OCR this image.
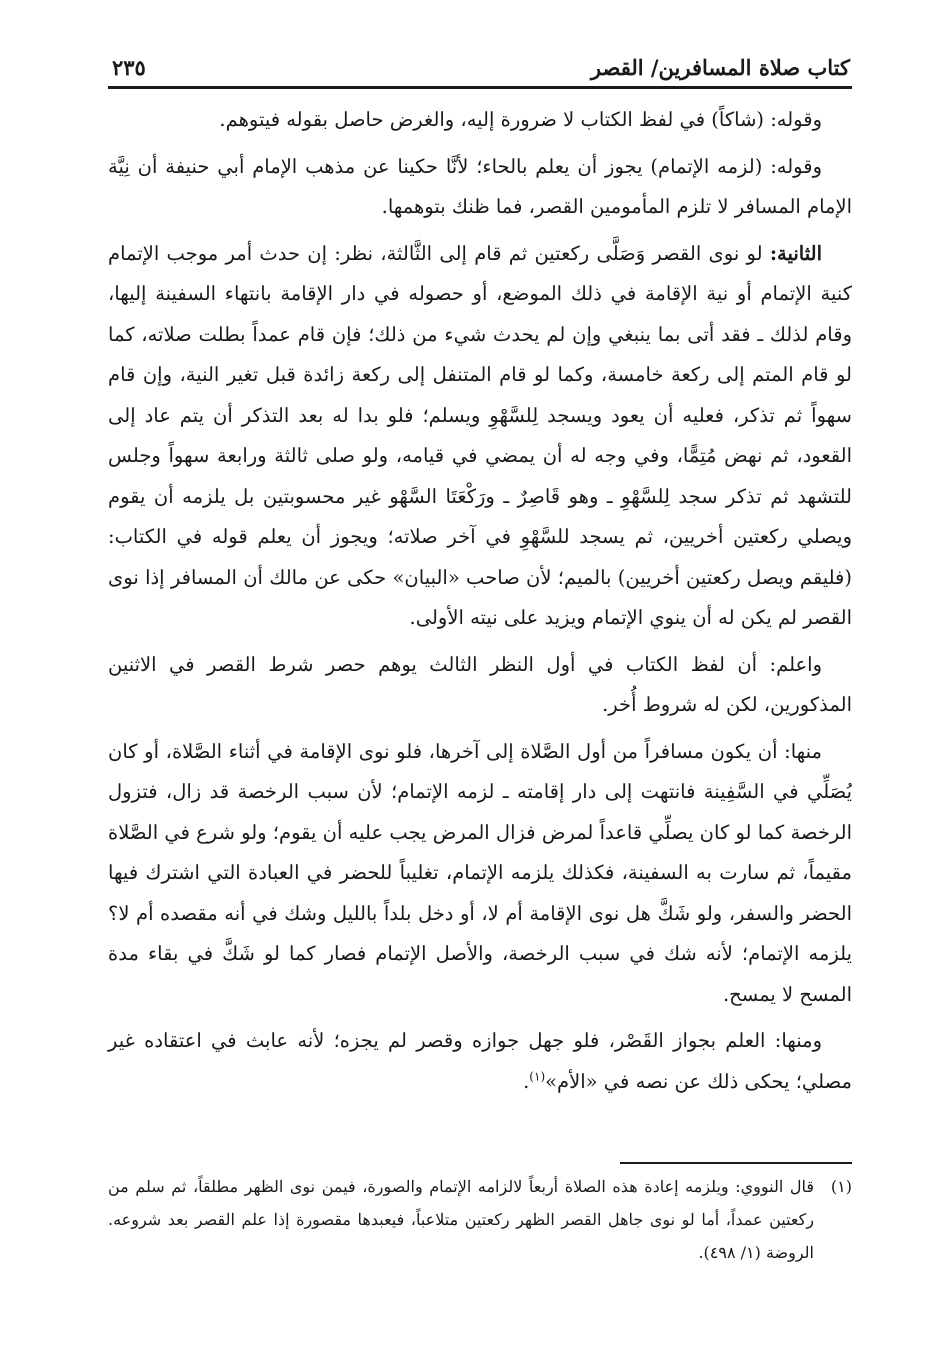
كتاب صلاة المسافرين/ القصر
٢٣٥

وقوله: (شاكاً) في لفظ الكتاب لا ضرورة إليه، والغرض حاصل بقوله فيتوهم.

وقوله: (لزمه الإتمام) يجوز أن يعلم بالحاء؛ لأنَّا حكينا عن مذهب الإمام أبي حنيفة أن نِيَّة الإمام المسافر لا تلزم المأمومين القصر، فما ظنك بتوهمها.

الثانية: لو نوى القصر وَصَلَّى ركعتين ثم قام إلى الثَّالثة، نظر: إن حدث أمر موجب الإتمام كنية الإتمام أو نية الإقامة في ذلك الموضع، أو حصوله في دار الإقامة بانتهاء السفينة إليها، وقام لذلك ـ فقد أتى بما ينبغي وإن لم يحدث شيء من ذلك؛ فإن قام عمداً بطلت صلاته، كما لو قام المتم إلى ركعة خامسة، وكما لو قام المتنفل إلى ركعة زائدة قبل تغير النية، وإن قام سهواً ثم تذكر، فعليه أن يعود ويسجد لِلسَّهْوِ ويسلم؛ فلو بدا له بعد التذكر أن يتم عاد إلى القعود، ثم نهض مُتِمًّا، وفي وجه له أن يمضي في قيامه، ولو صلى ثالثة ورابعة سهواً وجلس للتشهد ثم تذكر سجد لِلسَّهْوِ ـ وهو قَاصِرٌ ـ ورَكْعَتَا السَّهْو غير محسوبتين بل يلزمه أن يقوم ويصلي ركعتين أخريين، ثم يسجد للسَّهْوِ في آخر صلاته؛ ويجوز أن يعلم قوله في الكتاب: (فليقم ويصل ركعتين أخريين) بالميم؛ لأن صاحب «البيان» حكى عن مالك أن المسافر إذا نوى القصر لم يكن له أن ينوي الإتمام ويزيد على نيته الأولى.

واعلم: أن لفظ الكتاب في أول النظر الثالث يوهم حصر شرط القصر في الاثنين المذكورين، لكن له شروط أُخر.

منها: أن يكون مسافراً من أول الصَّلاة إلى آخرها، فلو نوى الإقامة في أثناء الصَّلاة، أو كان يُصَلِّي في السَّفِينة فانتهت إلى دار إقامته ـ لزمه الإتمام؛ لأن سبب الرخصة قد زال، فتزول الرخصة كما لو كان يصلِّي قاعداً لمرض فزال المرض يجب عليه أن يقوم؛ ولو شرع في الصَّلاة مقيماً، ثم سارت به السفينة، فكذلك يلزمه الإتمام، تغليباً للحضر في العبادة التي اشترك فيها الحضر والسفر، ولو شَكَّ هل نوى الإقامة أم لا، أو دخل بلداً بالليل وشك في أنه مقصده أم لا؟ يلزمه الإتمام؛ لأنه شك في سبب الرخصة، والأصل الإتمام فصار كما لو شَكَّ في بقاء مدة المسح لا يمسح.

ومنها: العلم بجواز القَصْر، فلو جهل جوازه وقصر لم يجزه؛ لأنه عابث في اعتقاده غير مصلي؛ يحكى ذلك عن نصه في «الأم»$^{(١)}$.

(١)
قال النووي: ويلزمه إعادة هذه الصلاة أربعاً لالزامه الإتمام والصورة، فيمن نوى الظهر مطلقاً، ثم سلم من ركعتين عمداً، أما لو نوى جاهل القصر الظهر ركعتين متلاعباً، فيعبدها مقصورة إذا علم القصر بعد شروعه. الروضة (١/ ٤٩٨).
